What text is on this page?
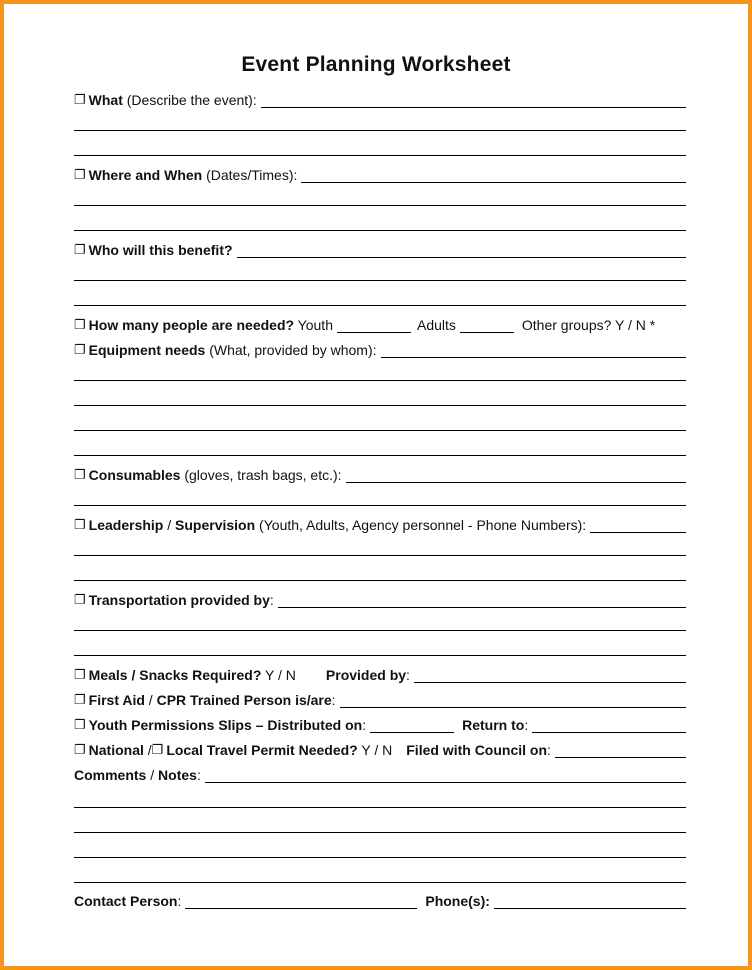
Event Planning Worksheet
❐ What (Describe the event):
❐ Where and When (Dates/Times):
❐ Who will this benefit?
❐ How many people are needed? Youth	Adults	Other groups? Y / N *
❐ Equipment needs (What, provided by whom):
❐ Consumables (gloves, trash bags, etc.):
❐ Leadership / Supervision (Youth, Adults, Agency personnel - Phone Numbers):
❐ Transportation provided by:
❐ Meals / Snacks Required? Y / N Provided by:
❐ First Aid / CPR Trained Person is/are:
❐ Youth Permissions Slips – Distributed on:	Return to:
❐ National / ❐ Local Travel Permit Needed? Y / N Filed with Council on:
Comments / Notes:
Contact Person:	Phone(s):
